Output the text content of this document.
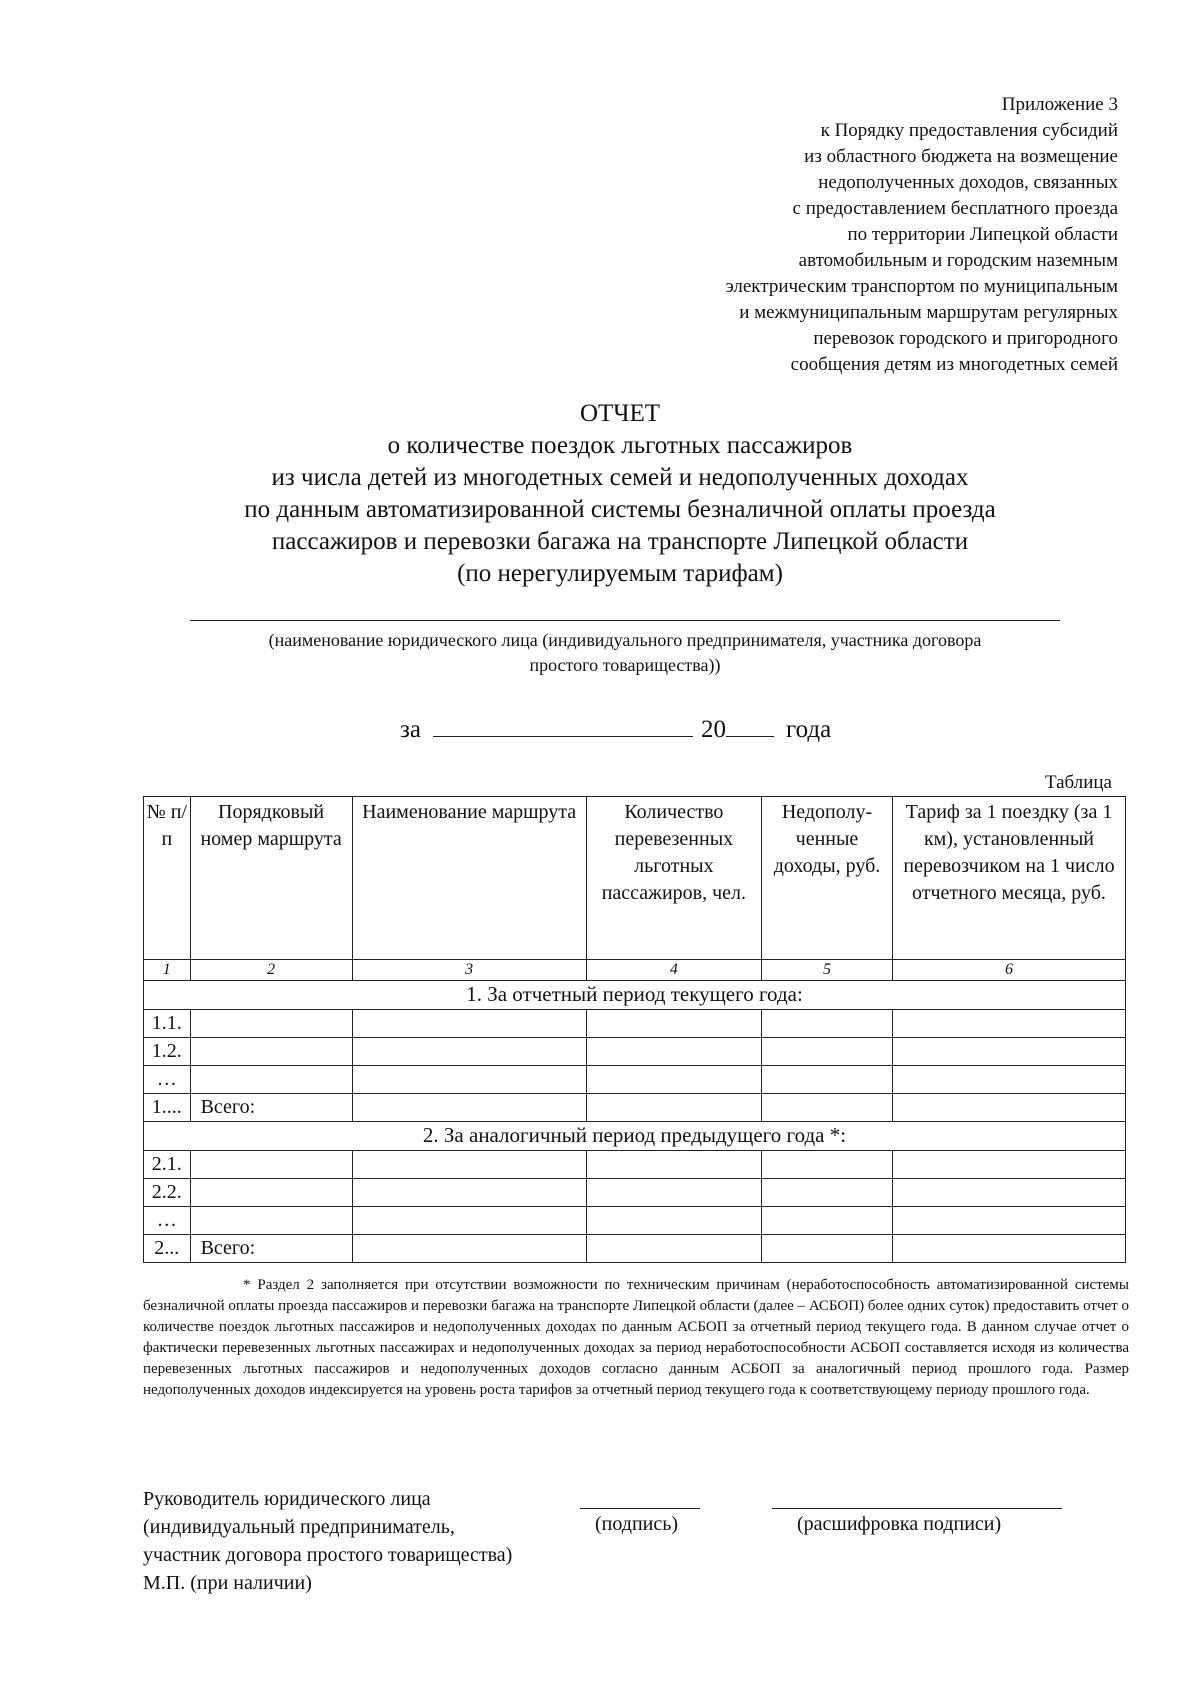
Приложение 3
к Порядку предоставления субсидий
из областного бюджета на возмещение
недополученных доходов, связанных
с предоставлением бесплатного проезда
по территории Липецкой области
автомобильным и городским наземным
электрическим транспортом по муниципальным
и межмуниципальным маршрутам регулярных
перевозок городского и пригородного
сообщения детям из многодетных семей
ОТЧЕТ
о количестве поездок льготных пассажиров
из числа детей из многодетных семей и недополученных доходах
по данным автоматизированной системы безналичной оплаты проезда
пассажиров и перевозки багажа на транспорте Липецкой области
(по нерегулируемым тарифам)
(наименование юридического лица (индивидуального предпринимателя, участника договора
простого товарищества))
за	20 года
Таблица
№ п/п	Порядковый номер маршрута	Наименование маршрута	Количество перевезенных льготных пассажиров, чел.	Недополу-ченные доходы, руб.	Тариф за 1 поездку (за 1 км), установленный перевозчиком на 1 число отчетного месяца, руб.
1	2	3	4	5	6
1. За отчетный период текущего года:					
1.1.					
1.2.					
…					
1....	Всего:				
2. За аналогичный период предыдущего года *:					
2.1.					
2.2.					
…					
2...	Всего:				
* Раздел 2 заполняется при отсутствии возможности по техническим причинам (неработоспособность автоматизированной системы безналичной оплаты проезда пассажиров и перевозки багажа на транспорте Липецкой области (далее – АСБОП) более одних суток) предоставить отчет о количестве поездок льготных пассажиров и недополученных доходах по данным АСБОП за отчетный период текущего года. В данном случае отчет о фактически перевезенных льготных пассажирах и недополученных доходах за период неработоспособности АСБОП составляется исходя из количества перевезенных льготных пассажиров и недополученных доходов согласно данным АСБОП за аналогичный период прошлого года. Размер недополученных доходов индексируется на уровень роста тарифов за отчетный период текущего года к соответствующему периоду прошлого года.
Руководитель юридического лица
(индивидуальный предприниматель,
участник договора простого товарищества)
М.П. (при наличии)
(подпись)	(расшифровка подписи)
